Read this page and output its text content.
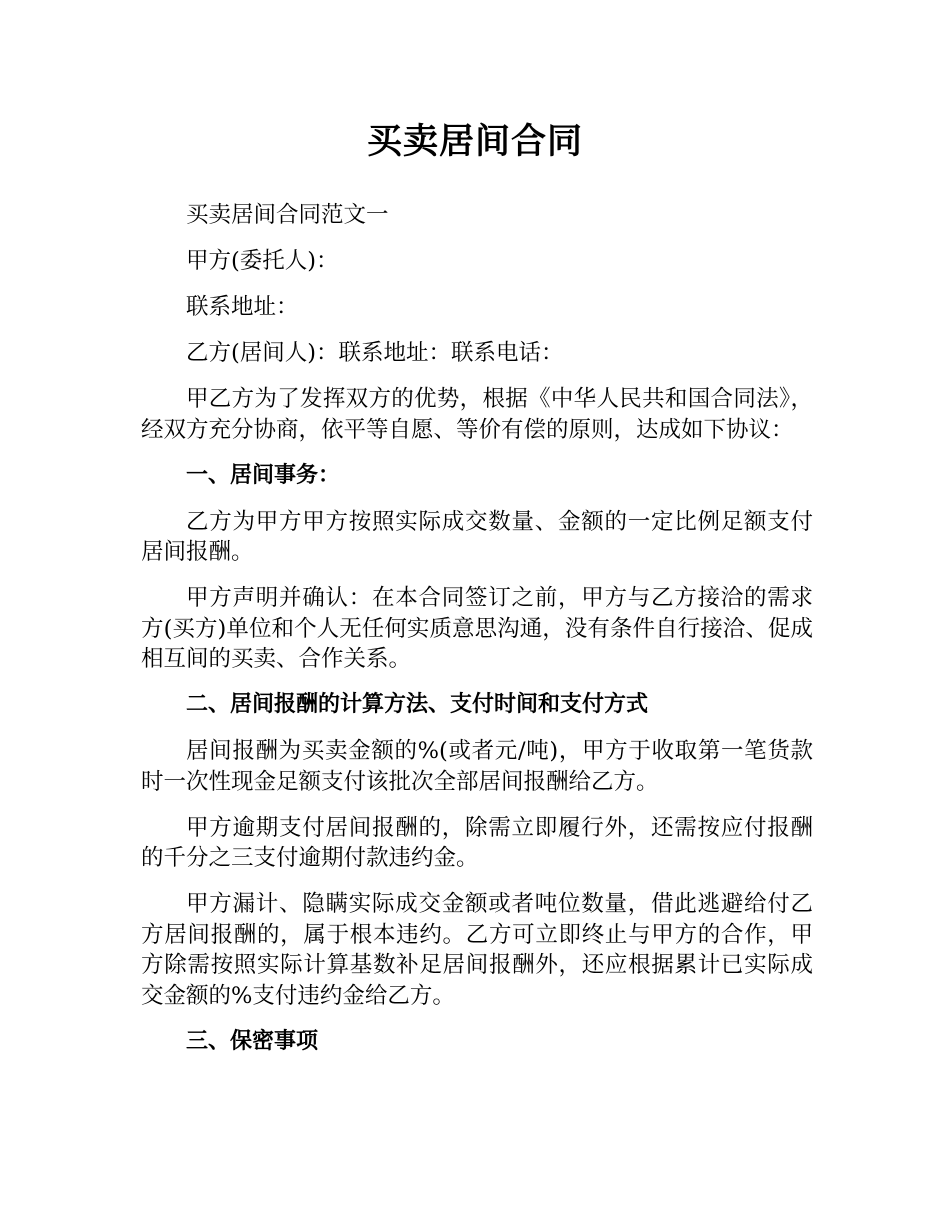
买卖居间合同

买卖居间合同范文一

甲方(委托人)：

联系地址：

乙方(居间人)：联系地址：联系电话：

甲乙方为了发挥双方的优势，根据《中华人民共和国合同法》，经双方充分协商，依平等自愿、等价有偿的原则，达成如下协议：

一、居间事务：

乙方为甲方甲方按照实际成交数量、金额的一定比例足额支付居间报酬。

甲方声明并确认：在本合同签订之前，甲方与乙方接洽的需求方(买方)单位和个人无任何实质意思沟通，没有条件自行接洽、促成相互间的买卖、合作关系。

二、居间报酬的计算方法、支付时间和支付方式

居间报酬为买卖金额的%(或者元/吨)，甲方于收取第一笔货款时一次性现金足额支付该批次全部居间报酬给乙方。

甲方逾期支付居间报酬的，除需立即履行外，还需按应付报酬的千分之三支付逾期付款违约金。

甲方漏计、隐瞒实际成交金额或者吨位数量，借此逃避给付乙方居间报酬的，属于根本违约。乙方可立即终止与甲方的合作，甲方除需按照实际计算基数补足居间报酬外，还应根据累计已实际成交金额的%支付违约金给乙方。

三、保密事项
